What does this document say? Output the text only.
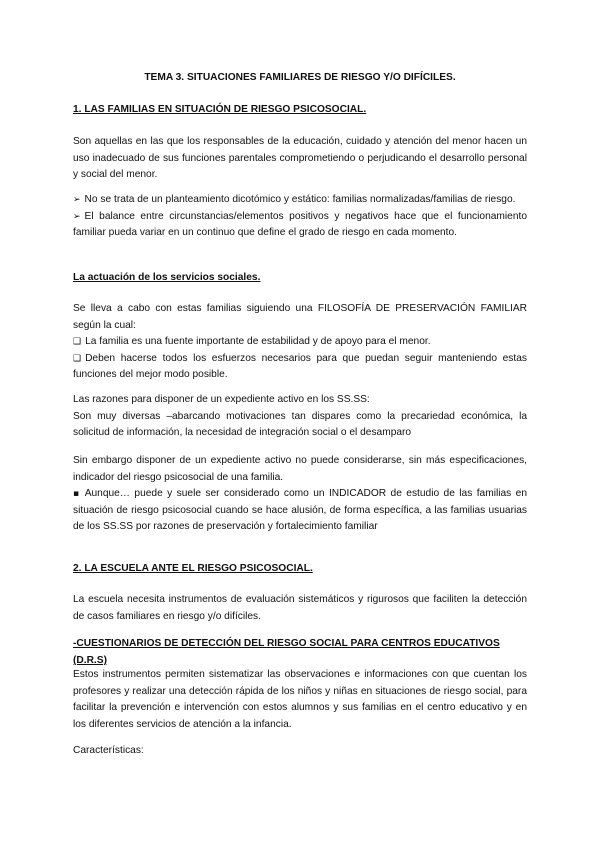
TEMA 3. SITUACIONES FAMILIARES DE RIESGO Y/O DIFÍCILES.
1. LAS FAMILIAS EN SITUACIÓN DE RIESGO PSICOSOCIAL.
Son aquellas en las que los responsables de la educación, cuidado y atención del menor hacen un uso inadecuado de sus funciones parentales comprometiendo o perjudicando el desarrollo personal y social del menor.
➢ No se trata de un planteamiento dicotómico y estático: familias normalizadas/familias de riesgo.
➢ El balance entre circunstancias/elementos positivos y negativos hace que el funcionamiento familiar pueda variar en un continuo que define el grado de riesgo en cada momento.
La actuación de los servicios sociales.
Se lleva a cabo con estas familias siguiendo una FILOSOFÍA DE PRESERVACIÓN FAMILIAR según la cual:
❑ La familia es una fuente importante de estabilidad y de apoyo para el menor.
❑ Deben hacerse todos los esfuerzos necesarios para que puedan seguir manteniendo estas funciones del mejor modo posible.
Las razones para disponer de un expediente activo en los SS.SS:
Son muy diversas –abarcando motivaciones tan dispares como la precariedad económica, la solicitud de información, la necesidad de integración social o el desamparo
Sin embargo disponer de un expediente activo no puede considerarse, sin más especificaciones, indicador del riesgo psicosocial de una familia.
▪ Aunque… puede y suele ser considerado como un INDICADOR de estudio de las familias en situación de riesgo psicosocial cuando se hace alusión, de forma específica, a las familias usuarias de los SS.SS por razones de preservación y fortalecimiento familiar
2. LA ESCUELA ANTE EL RIESGO PSICOSOCIAL.
La escuela necesita instrumentos de evaluación sistemáticos y rigurosos que faciliten la detección de casos familiares en riesgo y/o difíciles.
-CUESTIONARIOS DE DETECCIÓN DEL RIESGO SOCIAL PARA CENTROS EDUCATIVOS (D.R.S)
Estos instrumentos permiten sistematizar las observaciones e informaciones con que cuentan los profesores y realizar una detección rápida de los niños y niñas en situaciones de riesgo social, para facilitar la prevención e intervención con estos alumnos y sus familias en el centro educativo y en los diferentes servicios de atención a la infancia.
Características:
